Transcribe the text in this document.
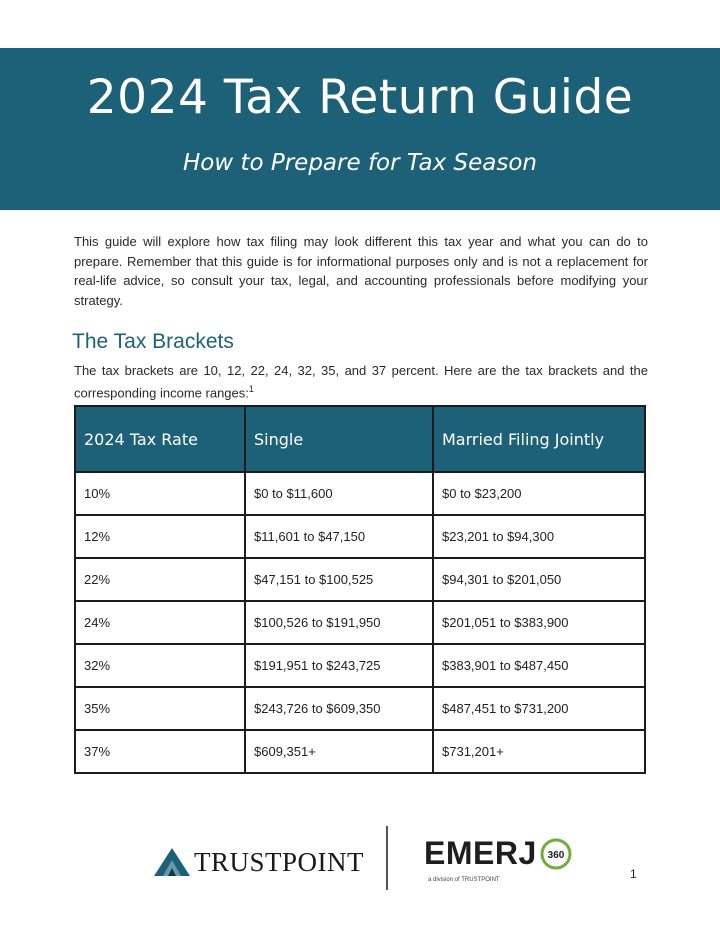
2024 Tax Return Guide
How to Prepare for Tax Season
This guide will explore how tax filing may look different this tax year and what you can do to prepare. Remember that this guide is for informational purposes only and is not a replacement for real-life advice, so consult your tax, legal, and accounting professionals before modifying your strategy.
The Tax Brackets
The tax brackets are 10, 12, 22, 24, 32, 35, and 37 percent. Here are the tax brackets and the corresponding income ranges:$^1$
2024 Tax Rate	Single	Married Filing Jointly
10%	$0 to $11,600	$0 to $23,200
12%	$11,601 to $47,150	$23,201 to $94,300
22%	$47,151 to $100,525	$94,301 to $201,050
24%	$100,526 to $191,950	$201,051 to $383,900
32%	$191,951 to $243,725	$383,901 to $487,450
35%	$243,726 to $609,350	$487,451 to $731,200
37%	$609,351+	$731,201+
TRUSTPOINT EMERJ 360
a division of TRUSTPOINT	1
